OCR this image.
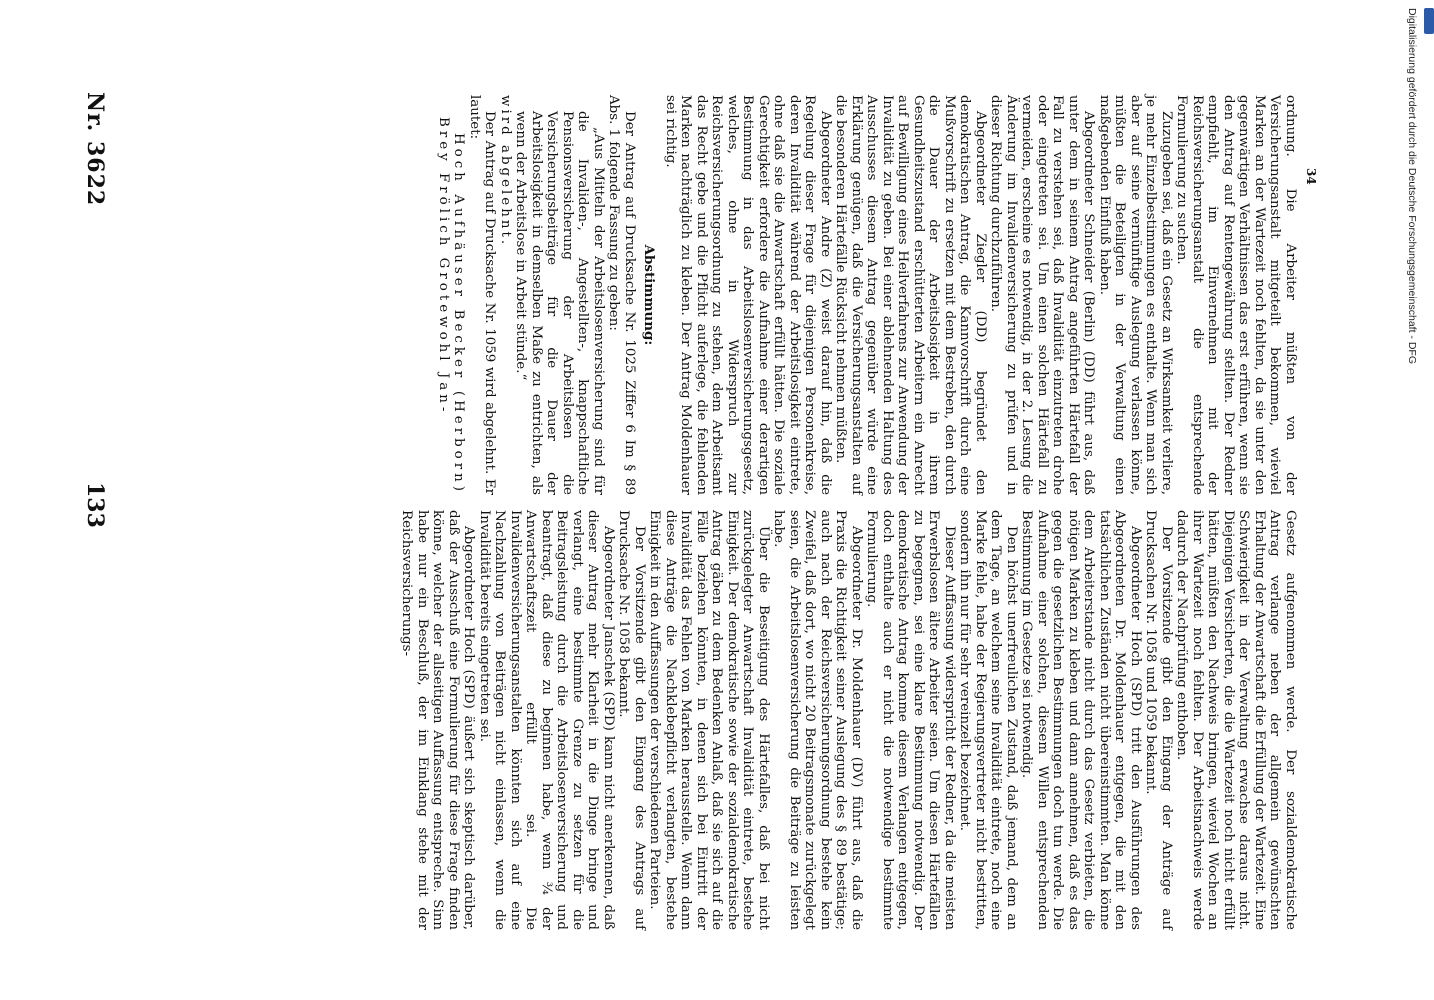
133
Nr. 3622	34

Gesetz aufgenommen werde. Der sozialdemokratische Antrag verlange neben der allgemein gewünschten Erhaltung der Anwartschaft die Erfüllung der Wartezeit. Eine Schwierigkeit in der Verwaltung erwachse daraus nicht. Diejenigen Versicherten, die die Wartezeit noch nicht erfüllt hätten, müßten den Nachweis bringen, wieviel Wochen an ihrer Wartezeit noch fehlten. Der Arbeitsnachweis werde dadurch der Nachprüfung enthoben.

Der Vorsitzende gibt den Eingang der Anträge auf Drucksachen Nr. 1058 und 1059 bekannt.

Abgeordneter Hoch (SPD) tritt den Ausführungen des Abgeordneten Dr. Moldenhauer entgegen, die mit den tatsächlichen Zuständen nicht übereinstimmten. Man könne dem Arbeiterstande nicht durch das Gesetz verbieten, die nötigen Marken zu kleben und dann annehmen, daß es das gegen die gesetzlichen Bestimmungen doch tun werde. Die Aufnahme einer solchen, diesem Willen entsprechenden Bestimmung im Gesetze sei notwendig.

Den höchst unerfreulichen Zustand, daß jemand, dem an dem Tage, an welchem seine Invalidität eintrete, noch eine Marke fehle, habe der Regierungsvertreter nicht bestritten, sondern ihn nur für sehr vereinzelt bezeichnet.

Dieser Auffassung widerspricht der Redner, da die meisten Erwerbslosen ältere Arbeiter seien. Um diesen Härtefällen zu begegnen, sei eine klare Bestimmung notwendig. Der demokratische Antrag komme diesem Verlangen entgegen, doch enthalte auch er nicht die notwendige bestimmte Formulierung.

Abgeordneter Dr. Moldenhauer (DV) führt aus, daß die Praxis die Richtigkeit seiner Auslegung des § 89 bestätige; auch nach der Reichsversicherungsordnung bestehe kein Zweifel, daß dort, wo nicht 20 Beitragsmonate zurückgelegt seien, die Arbeitslosenversicherung die Beiträge zu leisten habe.

Über die Beseitigung des Härtefalles, daß bei nicht zurückgelegter Anwartschaft Invalidität eintrete, bestehe Einigkeit. Der demokratische sowie der sozialdemokratische Antrag gäben zu dem Bedenken Anlaß, daß sie sich auf die Fälle beziehen könnten, in denen sich bei Eintritt der Invalidität das Fehlen von Marken herausstelle. Wenn dann diese Anträge die Nachklebepflicht verlangten, bestehe Einigkeit in den Auffassungen der verschiedenen Parteien.

Der Vorsitzende gibt den Eingang des Antrags auf Drucksache Nr. 1058 bekannt.

Abgeordneter Janschek (SPD) kann nicht anerkennen, daß dieser Antrag mehr Klarheit in die Dinge bringe und verlangt, eine bestimmte Grenze zu setzen für die Beitragsleistung durch die Arbeitslosenversicherung und beantragt, daß diese zu beginnen habe, wenn ¾ der Anwartschaftszeit erfüllt sei. Die Invalidenversicherungsanstalten könnten sich auf eine Nachzahlung von Beiträgen nicht einlassen, wenn die Invalidität bereits eingetreten sei.

Abgeordneter Hoch (SPD) äußert sich skeptisch darüber, daß der Ausschuß eine Formulierung für diese Frage finden könne, welcher der allseitigen Auffassung entspreche. Sinn habe nur ein Beschluß, der im Einklang stehe mit der Reichsversicherungs-

ordnung. Die Arbeiter müßten von der Versicherungsanstalt mitgeteilt bekommen, wieviel Marken an der Wartezeit noch fehlten, da sie unter den gegenwärtigen Verhältnissen das erst erführen, wenn sie den Antrag auf Rentengewährung stellten. Der Redner empfiehlt, im Einvernehmen mit der Reichsversicherungsanstalt die entsprechende Formulierung zu suchen.

Zuzugeben sei, daß ein Gesetz an Wirksamkeit verliere, je mehr Einzelbestimmungen es enthalte. Wenn man sich aber auf seine vernünftige Auslegung verlassen könne, müßten die Beteiligten in der Verwaltung einen maßgebenden Einfluß haben.

Abgeordneter Schneider (Berlin) (DD) führt aus, daß unter dem in seinem Antrag angeführten Härtefall der Fall zu verstehen sei, daß Invalidität einzutreten drohe oder eingetreten sei. Um einen solchen Härtefall zu vermeiden, erscheine es notwendig, in der 2. Lesung die Änderung im Invalidenversicherung zu prüfen und in dieser Richtung durchzuführen.

Abgeordneter Ziegler (DD) begründet den demokratischen Antrag, die Kannvorschrift durch eine Mußvorschrift zu ersetzen mit dem Bestreben, den durch die Dauer der Arbeitslosigkeit in ihrem Gesundheitszustand erschütterten Arbeitern ein Anrecht auf Bewilligung eines Heilverfahrens zur Anwendung der Invalidität zu geben. Bei einer ablehnenden Haltung des Ausschusses diesem Antrag gegenüber würde eine Erklärung genügen, daß die Versicherungsanstalten auf die besonderen Härtefälle Rücksicht nehmen müßten.

Abgeordneter Andre (Z) weist darauf hin, daß die Regelung dieser Frage für diejenigen Personenkreise, deren Invalidität während der Arbeitslosigkeit eintrete, ohne daß sie die Anwartschaft erfüllt hätten. Die soziale Gerechtigkeit erfordere die Aufnahme einer derartigen Bestimmung in das Arbeitslosenversicherungsgesetz, welches, ohne in Widerspruch zur Reichsversicherungsordnung zu stehen, dem Arbeitsamt das Recht gebe und die Pflicht auferlege, die fehlenden Marken nachträglich zu kleben. Der Antrag Moldenhauer sei richtig.

Abstimmung:

Der Antrag auf Drucksache Nr. 1025 Ziffer 6 Im § 89 Abs. 1 folgende Fassung zu geben:

„Aus Mitteln der Arbeitslosenversicherung sind für die Invaliden-, Angestellten-, knappschaftliche Pensionsversicherung der Arbeitslosen die Versicherungsbeiträge für die Dauer der Arbeitslosigkeit in demselben Maße zu entrichten, als wenn der Arbeitslose in Arbeit stünde.“

wird abgelehnt.

Der Antrag auf Drucksache Nr. 1059 wird abgelehnt. Er lautet:

Hoch Aufhäuser Becker (Herborn) Brey Frölich Grotewohl Jan-	Digitalisierung gefördert durch die Deutsche Forschungsgemeinschaft - DFG
